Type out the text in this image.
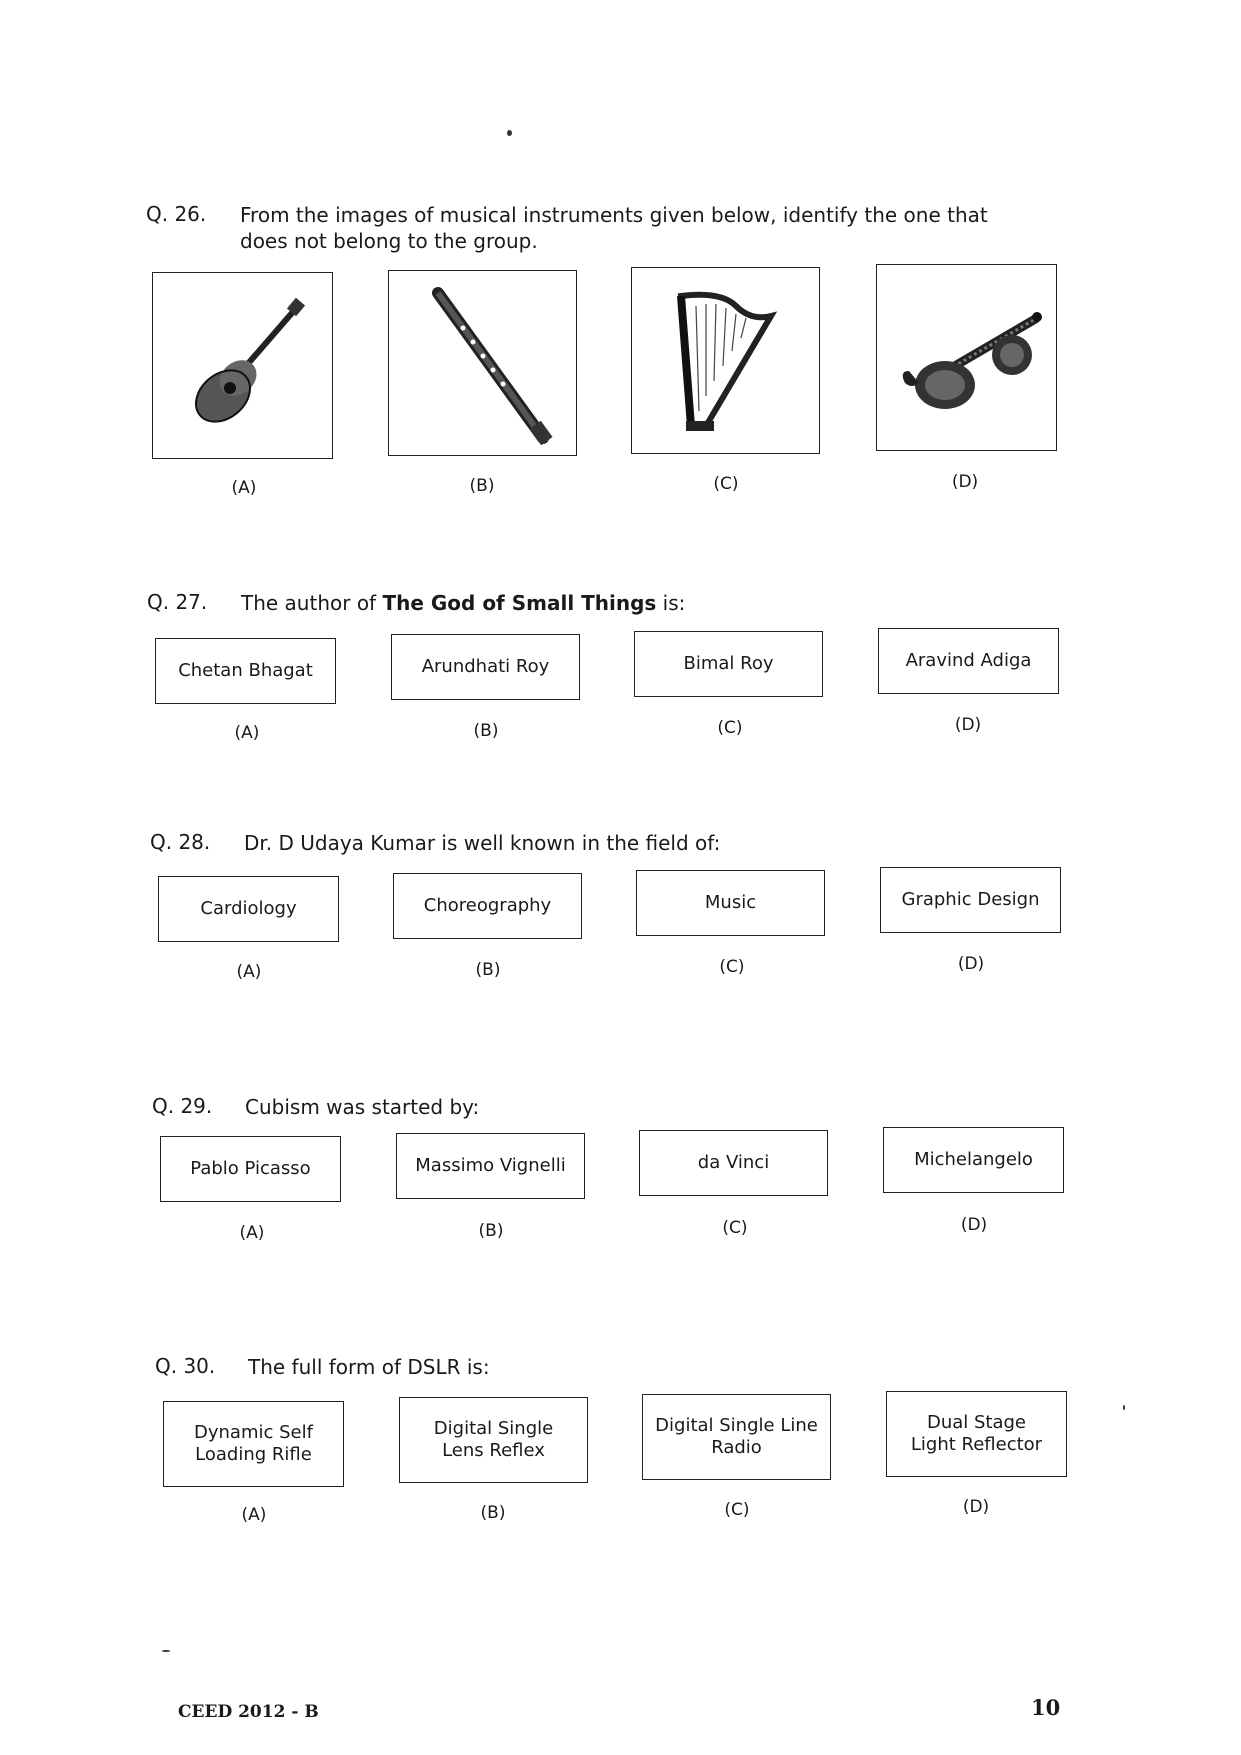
Q. 26.	From the images of musical instruments given below, identify the one that does not belong to the group.
(A)	(B)	(C)	(D)
Q. 27.	The author of The God of Small Things is:
Chetan Bhagat	Arundhati Roy	Bimal Roy	Aravind Adiga
(A)	(B)	(C)	(D)
Q. 28.	Dr. D Udaya Kumar is well known in the field of:
Cardiology	Choreography	Music	Graphic Design
(A)	(B)	(C)	(D)
Q. 29.	Cubism was started by:
Pablo Picasso	Massimo Vignelli	da Vinci	Michelangelo
(A)	(B)	(C)	(D)
Q. 30.	The full form of DSLR is:
Dynamic Self Loading Rifle
Digital Single Lens Reflex
Digital Single Line Radio
Dual Stage Light Reflector
(A)	(B)	(C)	(D)
CEED 2012 - B	10
